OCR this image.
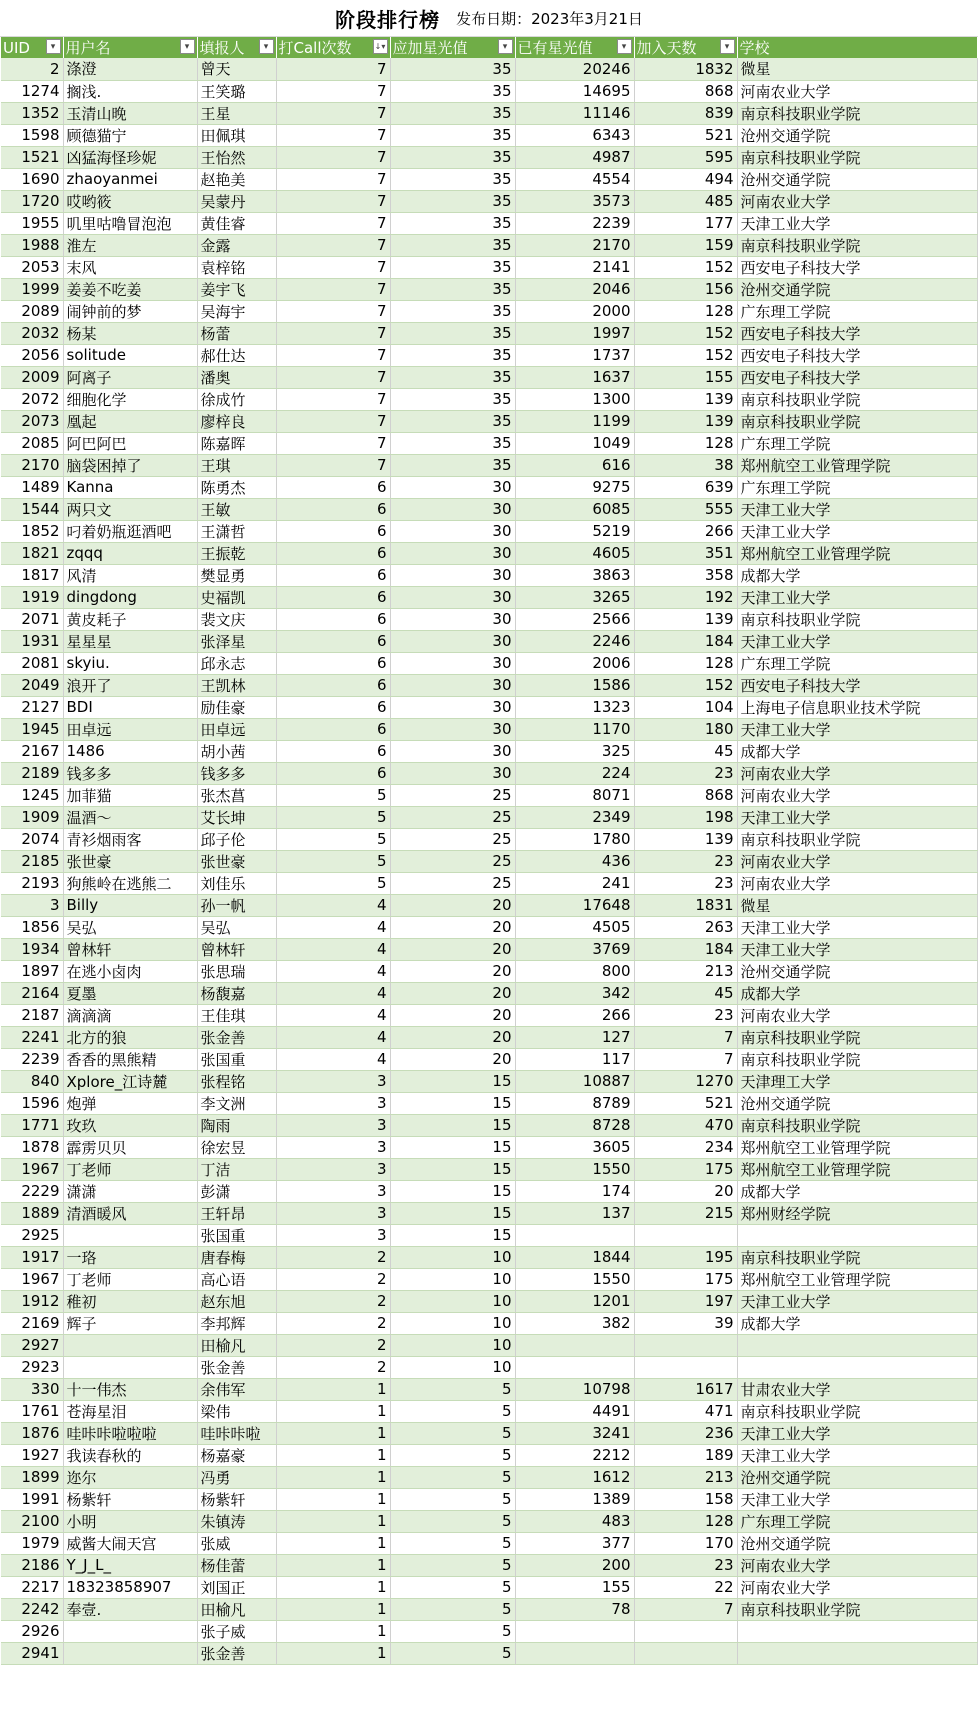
阶段排行榜 发布日期：2023年3月21日
UID ▾	用户名 ▾	填报人 ▾	打Call次数 ↓▾	应加星光值 ▾	已有星光值 ▾	加入天数 ▾	学校
2	涤澄	曾天	7	35	20246	1832	微星
1274	搁浅.	王笑璐	7	35	14695	868	河南农业大学
1352	玉清山晚	王星	7	35	11146	839	南京科技职业学院
1598	顾德猫宁	田佩琪	7	35	6343	521	沧州交通学院
1521	凶猛海怪珍妮	王怡然	7	35	4987	595	南京科技职业学院
1690	zhaoyanmei	赵艳美	7	35	4554	494	沧州交通学院
1720	哎哟筱	吴蒙丹	7	35	3573	485	河南农业大学
1955	叽里咕噜冒泡泡	黄佳睿	7	35	2239	177	天津工业大学
1988	淮左	金露	7	35	2170	159	南京科技职业学院
2053	末风	袁梓铭	7	35	2141	152	西安电子科技大学
1999	姜姜不吃姜	姜宇飞	7	35	2046	156	沧州交通学院
2089	闹钟前的梦	吴海宇	7	35	2000	128	广东理工学院
2032	杨某	杨蕾	7	35	1997	152	西安电子科技大学
2056	solitude	郝仕达	7	35	1737	152	西安电子科技大学
2009	阿离子	潘奥	7	35	1637	155	西安电子科技大学
2072	细胞化学	徐成竹	7	35	1300	139	南京科技职业学院
2073	凰起	廖梓良	7	35	1199	139	南京科技职业学院
2085	阿巴阿巴	陈嘉晖	7	35	1049	128	广东理工学院
2170	脑袋困掉了	王琪	7	35	616	38	郑州航空工业管理学院
1489	Kanna	陈勇杰	6	30	9275	639	广东理工学院
1544	两只文	王敏	6	30	6085	555	天津工业大学
1852	叼着奶瓶逛酒吧	王潇哲	6	30	5219	266	天津工业大学
1821	zqqq	王振乾	6	30	4605	351	郑州航空工业管理学院
1817	风清	樊显勇	6	30	3863	358	成都大学
1919	dingdong	史福凯	6	30	3265	192	天津工业大学
2071	黄皮耗子	裴文庆	6	30	2566	139	南京科技职业学院
1931	星星星	张泽星	6	30	2246	184	天津工业大学
2081	skyiu.	邱永志	6	30	2006	128	广东理工学院
2049	浪开了	王凯林	6	30	1586	152	西安电子科技大学
2127	BDI	励佳豪	6	30	1323	104	上海电子信息职业技术学院
1945	田卓远	田卓远	6	30	1170	180	天津工业大学
2167	1486	胡小茜	6	30	325	45	成都大学
2189	钱多多	钱多多	6	30	224	23	河南农业大学
1245	加菲猫	张杰菖	5	25	8071	868	河南农业大学
1909	温酒～	艾长坤	5	25	2349	198	天津工业大学
2074	青衫烟雨客	邱子伦	5	25	1780	139	南京科技职业学院
2185	张世豪	张世豪	5	25	436	23	河南农业大学
2193	狗熊岭在逃熊二	刘佳乐	5	25	241	23	河南农业大学
3	Billy	孙一帆	4	20	17648	1831	微星
1856	吴弘	吴弘	4	20	4505	263	天津工业大学
1934	曾林轩	曾林轩	4	20	3769	184	天津工业大学
1897	在逃小卤肉	张思瑞	4	20	800	213	沧州交通学院
2164	夏墨	杨馥嘉	4	20	342	45	成都大学
2187	滴滴滴	王佳琪	4	20	266	23	河南农业大学
2241	北方的狼	张金善	4	20	127	7	南京科技职业学院
2239	香香的黑熊精	张国重	4	20	117	7	南京科技职业学院
840	Xplore_江诗麓	张程铭	3	15	10887	1270	天津理工大学
1596	炮弹	李文洲	3	15	8789	521	沧州交通学院
1771	玫玖	陶雨	3	15	8728	470	南京科技职业学院
1878	霹雳贝贝	徐宏昱	3	15	3605	234	郑州航空工业管理学院
1967	丁老师	丁洁	3	15	1550	175	郑州航空工业管理学院
2229	潇潇	彭潇	3	15	174	20	成都大学
1889	清酒暖风	王轩昂	3	15	137	215	郑州财经学院
2925		张国重	3	15			
1917	一珞	唐春梅	2	10	1844	195	南京科技职业学院
1967	丁老师	高心语	2	10	1550	175	郑州航空工业管理学院
1912	稚初	赵东旭	2	10	1201	197	天津工业大学
2169	辉子	李邦辉	2	10	382	39	成都大学
2927		田榆凡	2	10			
2923		张金善	2	10			
330	十一伟杰	余伟军	1	5	10798	1617	甘肃农业大学
1761	苍海星泪	梁伟	1	5	4491	471	南京科技职业学院
1876	哇咔咔啦啦啦	哇咔咔啦	1	5	3241	236	天津工业大学
1927	我读春秋的	杨嘉豪	1	5	2212	189	天津工业大学
1899	迩尔	冯勇	1	5	1612	213	沧州交通学院
1991	杨紫轩	杨紫轩	1	5	1389	158	天津工业大学
2100	小明	朱镇涛	1	5	483	128	广东理工学院
1979	威酱大闹天宫	张威	1	5	377	170	沧州交通学院
2186	Y_J_L_	杨佳蕾	1	5	200	23	河南农业大学
2217	18323858907	刘国正	1	5	155	22	河南农业大学
2242	奉壹.	田榆凡	1	5	78	7	南京科技职业学院
2926		张子威	1	5			
2941		张金善	1	5			
